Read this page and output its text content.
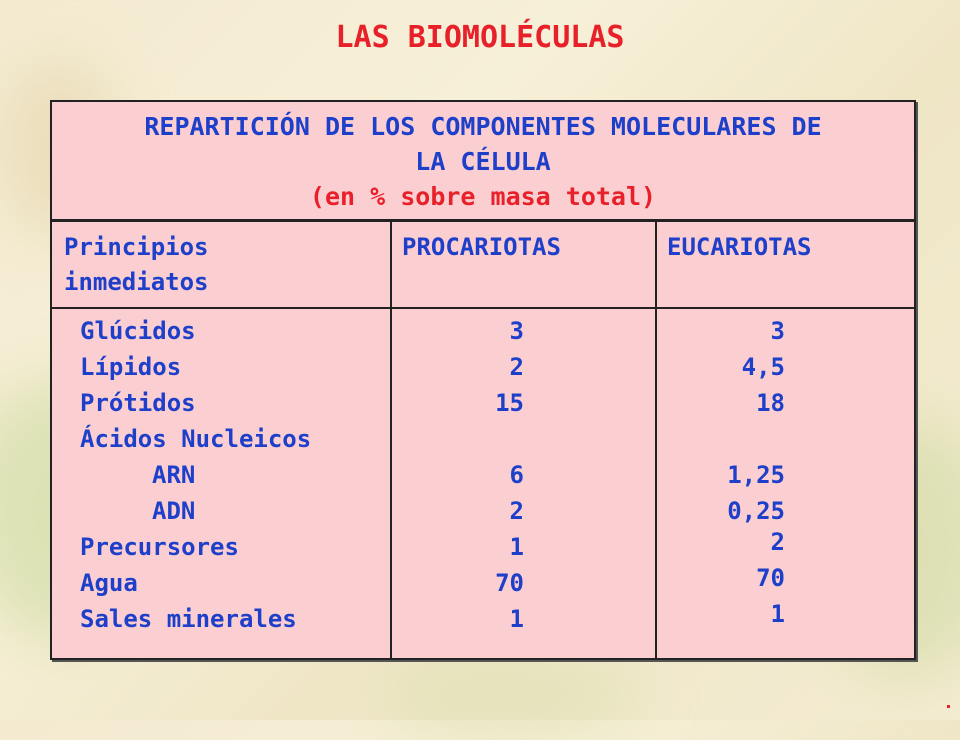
LAS BIOMOLÉCULAS
REPARTICIÓN DE LOS COMPONENTES MOLECULARES DE
LA CÉLULA
(en % sobre masa total)
Principios
inmediatos
PROCARIOTAS	EUCARIOTAS
Glúcidos	3	3
Lípidos	2	4,5
Prótidos	15	18
Ácidos Nucleicos
ARN	6	1,25
ADN	2	0,25
Precursores	1	2
Agua	70	70
Sales minerales	1	1
